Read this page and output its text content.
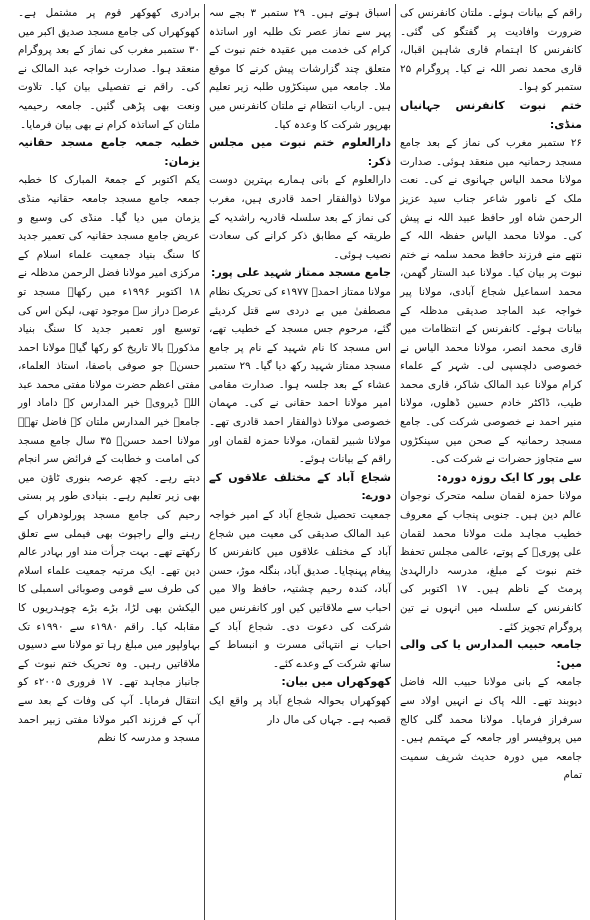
راقم کے بیانات ہوئے۔ ملتان کانفرنس کی ضرورت وافادیت پر گفتگو کی گئی۔ کانفرنس کا اہتمام قاری شاہین اقبال، قاری محمد نصر اللہ نے کیا۔ پروگرام ۲۵ ستمبر کو ہوا۔

ختم نبوت کانفرنس جہانیاں منڈی:

۲۶ ستمبر مغرب کی نماز کے بعد جامع مسجد رحمانیہ میں منعقد ہوئی۔ صدارت مولانا محمد الیاس جہانوی نے کی۔ نعت ملک کے نامور شاعر جناب سید عزیز الرحمن شاہ اور حافظ عبید اللہ نے پیش کی۔ مولانا محمد الیاس حفظہ اللہ کے نتھے منے فرزند حافظ محمد سلمہ نے ختم نبوت پر بیان کیا۔ مولانا عبد الستار گھمن، محمد اسماعیل شجاع آبادی، مولانا پیر خواجہ عبد الماجد صدیقی مدظلہ کے بیانات ہوئے۔ کانفرنس کے انتظامات میں قاری محمد انصر، مولانا محمد الیاس نے خصوصی دلچسپی لی۔ شہر کے علماء کرام مولانا عبد المالک شاکر، قاری محمد طیب، ڈاکٹر خادم حسین ڈھلوں، مولانا منیر احمد نے خصوصی شرکت کی۔ جامع مسجد رحمانیہ کے صحن میں سینکڑوں سے متجاوز حضرات نے شرکت کی۔

علی پور کا ایک روزہ دورہ:

مولانا حمزہ لقمان سلمہ متحرک نوجوان عالم دین ہیں۔ جنوبی پنجاب کے معروف خطیب مجاہد ملت مولانا محمد لقمان علی پوریؒ کے پوتے، عالمی مجلس تحفظ ختم نبوت کے مبلغ، مدرسہ دارالہدیٰ پرمٹ کے ناظم ہیں۔ ۱۷ اکتوبر کی کانفرنس کے سلسلہ میں انہوں نے تین پروگرام تجویز کئے۔

جامعہ حبیب المدارس یا کی والی میں:

جامعہ کے بانی مولانا حبیب اللہ فاضل دیوبند تھے۔ اللہ پاک نے انہیں اولاد سے سرفراز فرمایا۔ مولانا محمد گلی کالج میں پروفیسر اور جامعہ کے مہتمم ہیں۔ جامعہ میں دورہ حدیث شریف سمیت تمام

اسباق ہوتے ہیں۔ ۲۹ ستمبر ۳ بجے سہ پہر سے نماز عصر تک طلبہ اور اساتذہ کرام کی خدمت میں عقیدہ ختم نبوت کے متعلق چند گزارشات پیش کرنے کا موقع ملا۔ جامعہ میں سینکڑوں طلبہ زیر تعلیم ہیں۔ ارباب انتظام نے ملتان کانفرنس میں بھرپور شرکت کا وعدہ کیا۔

دارالعلوم ختم نبوت میں مجلس ذکر:

دارالعلوم کے بانی ہمارے بہترین دوست مولانا ذوالفقار احمد قادری ہیں، مغرب کی نماز کے بعد سلسلہ قادریہ راشدیہ کے طریقہ کے مطابق ذکر کرانے کی سعادت نصیب ہوئی۔

جامع مسجد ممتاز شہید علی پور:

مولانا ممتاز احمدؒ ۱۹۷۷ء کی تحریک نظام مصطفیٰ میں بے دردی سے قتل کردیئے گئے، مرحوم جس مسجد کے خطیب تھے، اس مسجد کا نام شہید کے نام پر جامع مسجد ممتاز شہید رکھ دیا گیا۔ ۲۹ ستمبر عشاء کے بعد جلسہ ہوا۔ صدارت مقامی امیر مولانا احمد حقانی نے کی۔ مہمان خصوصی مولانا ذوالفقار احمد قادری تھے۔ مولانا شبیر لقمان، مولانا حمزہ لقمان اور راقم کے بیانات ہوئے۔

شجاع آباد کے مختلف علاقوں کے دورے:

جمعیت تحصیل شجاع آباد کے امیر خواجہ عبد المالک صدیقی کی معیت میں شجاع آباد کے مختلف علاقوں میں کانفرنس کا پیغام پہنچایا۔ صدیق آباد، بنگلہ موڑ، حسن آباد، کندہ رحیم چشتیہ، حافظ والا میں احباب سے ملاقاتیں کیں اور کانفرنس میں شرکت کی دعوت دی۔ شجاع آباد کے احباب نے انتہائی مسرت و انبساط کے ساتھ شرکت کے وعدے کئے۔

کھوکھراں میں بیان:

کھوکھراں بحوالہ شجاع آباد پر واقع ایک قصبہ ہے۔ جہاں کی مال دار

برادری کھوکھر قوم پر مشتمل ہے۔ کھوکھراں کی جامع مسجد صدیق اکبر میں ۳۰ ستمبر مغرب کی نماز کے بعد پروگرام منعقد ہوا۔ صدارت خواجہ عبد المالک نے کی۔ راقم نے تفصیلی بیان کیا۔ تلاوت ونعت بھی پڑھی گئیں۔ جامعہ رحیمیہ ملتان کے اساتذہ کرام نے بھی بیان فرمایا۔

خطبہ جمعہ جامع مسجد حقانیہ یزمان:

یکم اکتوبر کے جمعۃ المبارک کا خطبہ جمعہ جامع مسجد جامعہ حقانیہ منڈی یزمان میں دیا گیا۔ منڈی کی وسیع و عریض جامع مسجد حقانیہ کی تعمیر جدید کا سنگ بنیاد جمعیت علماء اسلام کے مرکزی امیر مولانا فضل الرحمن مدظلہ نے ۱۸ اکتوبر ۱۹۹۶ء میں رکھا۔ مسجد تو عرصہ دراز سے موجود تھی، لیکن اس کی توسیع اور تعمیر جدید کا سنگ بنیاد مذکورہ بالا تاریخ کو رکھا گیا۔ مولانا احمد حسنؒ جو صوفی باصفا، استاذ العلماء، مفتی اعظم حضرت مولانا مفتی محمد عبد اللہ ڈیرویؒ خیر المدارس کے داماد اور جامعہ خیر المدارس ملتان کے فاضل تھے۔ مولانا احمد حسنؒ ۳۵ سال جامع مسجد کی امامت و خطابت کے فرائض سر انجام دیتے رہے۔ کچھ عرصہ بنوری ٹاؤن میں بھی زیر تعلیم رہے۔ بنیادی طور پر بستی رحیم کی جامع مسجد پورلودھراں کے رہنے والے راجپوت بھی فیملی سے تعلق رکھتے تھے۔ بہت جرأت مند اور بہادر عالم دین تھے۔ ایک مرتبہ جمعیت علماء اسلام کی طرف سے قومی وصوبائی اسمبلی کا الیکشن بھی لڑا، بڑے بڑے چوہدریوں کا مقابلہ کیا۔ راقم ۱۹۸۰ء سے ۱۹۹۰ء تک بہاولپور میں مبلغ رہا تو مولانا سے دسیوں ملاقاتیں رہیں۔ وہ تحریک ختم نبوت کے جانباز مجاہد تھے۔ ۱۷ فروری ۲۰۰۵ء کو انتقال فرمایا۔ آپ کی وفات کے بعد سے آپ کے فرزند اکبر مولانا مفتی زبیر احمد مسجد و مدرسہ کا نظم
